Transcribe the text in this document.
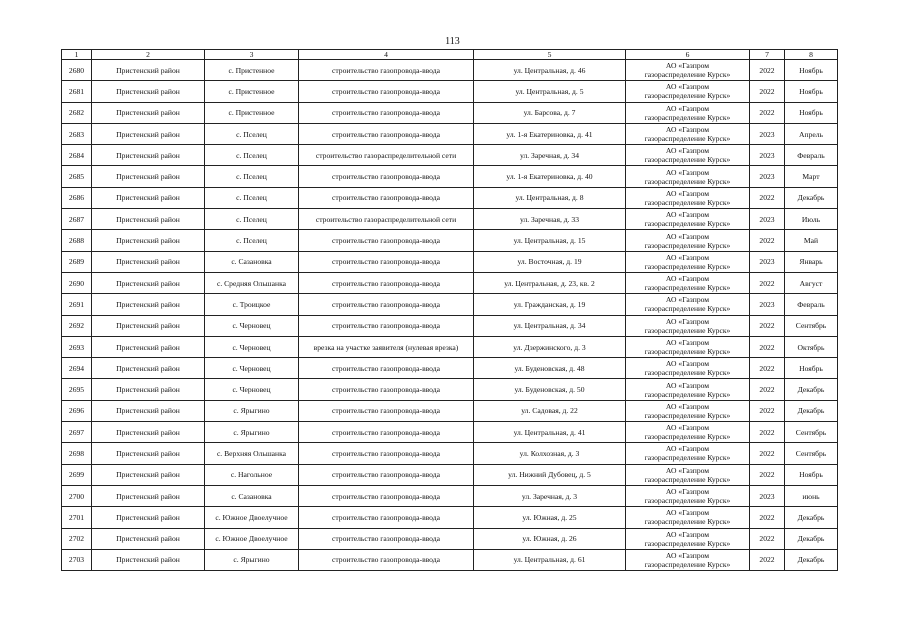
113
1	2	3	4	5	6	7	8
2680	Пристенский район	с. Пристенное	строительство газопровода-ввода	ул. Центральная, д. 46	АО «Газпром
газораспределение Курск»	2022	Ноябрь
2681	Пристенский район	с. Пристенное	строительство газопровода-ввода	ул. Центральная, д. 5	АО «Газпром
газораспределение Курск»	2022	Ноябрь
2682	Пристенский район	с. Пристенное	строительство газопровода-ввода	ул. Барсова, д. 7	АО «Газпром
газораспределение Курск»	2022	Ноябрь
2683	Пристенский район	с. Пселец	строительство газопровода-ввода	ул. 1-я Екатериновка, д. 41	АО «Газпром
газораспределение Курск»	2023	Апрель
2684	Пристенский район	с. Пселец	строительство газораспределительной сети	ул. Заречная, д. 34	АО «Газпром
газораспределение Курск»	2023	Февраль
2685	Пристенский район	с. Пселец	строительство газопровода-ввода	ул. 1-я Екатериновка, д. 40	АО «Газпром
газораспределение Курск»	2023	Март
2686	Пристенский район	с. Пселец	строительство газопровода-ввода	ул. Центральная, д. 8	АО «Газпром
газораспределение Курск»	2022	Декабрь
2687	Пристенский район	с. Пселец	строительство газораспределительной сети	ул. Заречная, д. 33	АО «Газпром
газораспределение Курск»	2023	Июль
2688	Пристенский район	с. Пселец	строительство газопровода-ввода	ул. Центральная, д. 15	АО «Газпром
газораспределение Курск»	2022	Май
2689	Пристенский район	с. Сазановка	строительство газопровода-ввода	ул. Восточная, д. 19	АО «Газпром
газораспределение Курск»	2023	Январь
2690	Пристенский район	с. Средняя Ольшанка	строительство газопровода-ввода	ул. Центральная, д. 23, кв. 2	АО «Газпром
газораспределение Курск»	2022	Август
2691	Пристенский район	с. Троицкое	строительство газопровода-ввода	ул. Гражданская, д. 19	АО «Газпром
газораспределение Курск»	2023	Февраль
2692	Пристенский район	с. Черновец	строительство газопровода-ввода	ул. Центральная, д. 34	АО «Газпром
газораспределение Курск»	2022	Сентябрь
2693	Пристенский район	с. Черновец	врезка на участке заявителя (нулевая врезка)	ул. Дзержинского, д. 3	АО «Газпром
газораспределение Курск»	2022	Октябрь
2694	Пристенский район	с. Черновец	строительство газопровода-ввода	ул. Буденовская, д. 48	АО «Газпром
газораспределение Курск»	2022	Ноябрь
2695	Пристенский район	с. Черновец	строительство газопровода-ввода	ул. Буденовская, д. 50	АО «Газпром
газораспределение Курск»	2022	Декабрь
2696	Пристенский район	с. Ярыгино	строительство газопровода-ввода	ул. Садовая, д. 22	АО «Газпром
газораспределение Курск»	2022	Декабрь
2697	Пристенский район	с. Ярыгино	строительство газопровода-ввода	ул. Центральная, д. 41	АО «Газпром
газораспределение Курск»	2022	Сентябрь
2698	Пристенский район	с. Верхняя Ольшанка	строительство газопровода-ввода	ул. Колхозная, д. 3	АО «Газпром
газораспределение Курск»	2022	Сентябрь
2699	Пристенский район	с. Нагольное	строительство газопровода-ввода	ул. Нижний Дубовец, д. 5	АО «Газпром
газораспределение Курск»	2022	Ноябрь
2700	Пристенский район	с. Сазановка	строительство газопровода-ввода	ул. Заречная, д. 3	АО «Газпром
газораспределение Курск»	2023	июнь
2701	Пристенский район	с. Южное Двоелучное	строительство газопровода-ввода	ул. Южная, д. 25	АО «Газпром
газораспределение Курск»	2022	Декабрь
2702	Пристенский район	с. Южное Двоелучное	строительство газопровода-ввода	ул. Южная, д. 26	АО «Газпром
газораспределение Курск»	2022	Декабрь
2703	Пристенский район	с. Ярыгино	строительство газопровода-ввода	ул. Центральная, д. 61	АО «Газпром
газораспределение Курск»	2022	Декабрь
